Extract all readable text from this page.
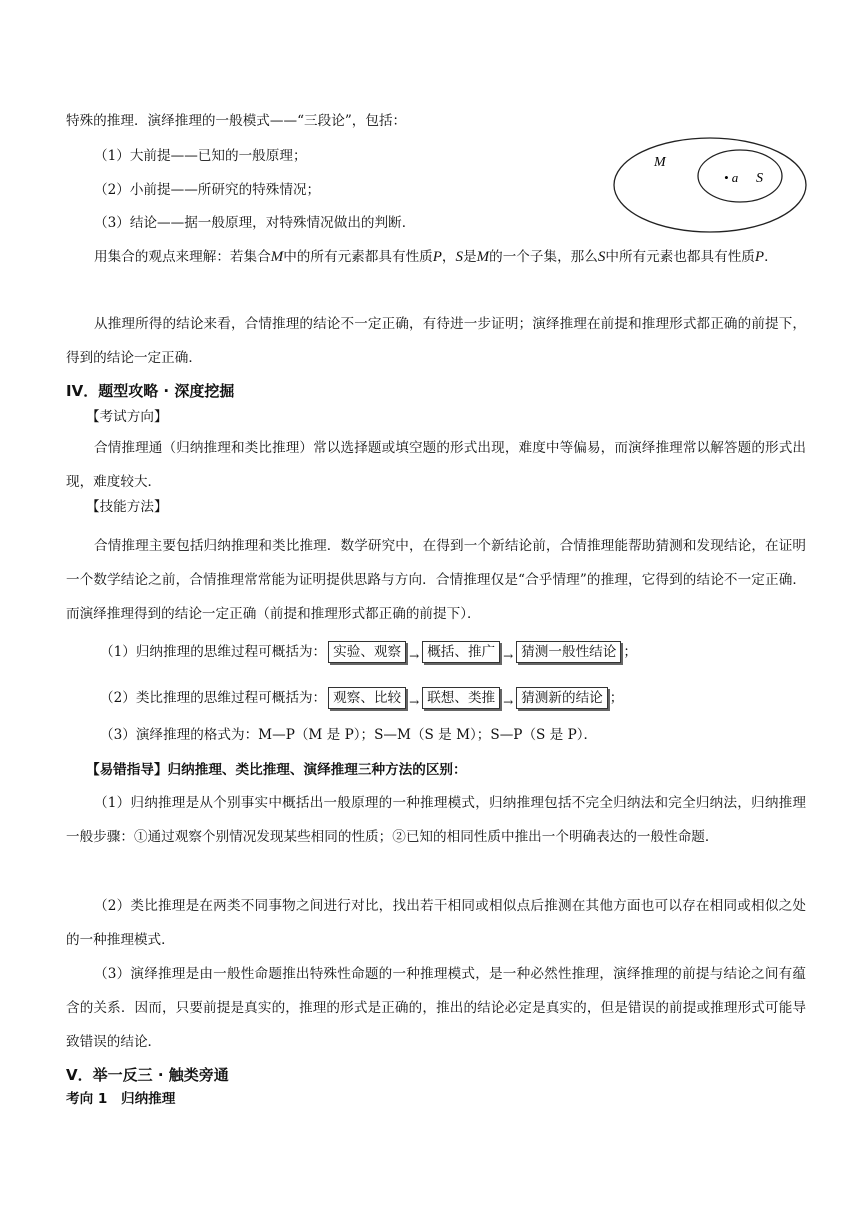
特殊的推理．演绎推理的一般模式——“三段论”，包括：
（1）大前提——已知的一般原理；
（2）小前提——所研究的特殊情况；
（3）结论——据一般原理，对特殊情况做出的判断．
M
• a S
用集合的观点来理解：若集合M中的所有元素都具有性质P，S是M的一个子集，那么S中所有元素也都具有性质P．
从推理所得的结论来看，合情推理的结论不一定正确，有待进一步证明；演绎推理在前提和推理形式都正确的前提下，得到的结论一定正确．
IV．题型攻略 · 深度挖掘
【考试方向】
合情推理通（归纳推理和类比推理）常以选择题或填空题的形式出现，难度中等偏易，而演绎推理常以解答题的形式出现，难度较大．
【技能方法】
合情推理主要包括归纳推理和类比推理．数学研究中，在得到一个新结论前，合情推理能帮助猜测和发现结论，在证明一个数学结论之前，合情推理常常能为证明提供思路与方向．合情推理仅是“合乎情理”的推理，它得到的结论不一定正确．而演绎推理得到的结论一定正确（前提和推理形式都正确的前提下）．
（1）归纳推理的思维过程可概括为： 实验、观察 → 概括、推广 → 猜测一般性结论 ；
（2）类比推理的思维过程可概括为： 观察、比较 → 联想、类推 → 猜测新的结论 ；
（3）演绎推理的格式为：M—P（M 是 P）；S—M（S 是 M）；S—P（S 是 P）．
【易错指导】归纳推理、类比推理、演绎推理三种方法的区别：
（1）归纳推理是从个别事实中概括出一般原理的一种推理模式，归纳推理包括不完全归纳法和完全归纳法，归纳推理一般步骤：①通过观察个别情况发现某些相同的性质；②已知的相同性质中推出一个明确表达的一般性命题．
（2）类比推理是在两类不同事物之间进行对比，找出若干相同或相似点后推测在其他方面也可以存在相同或相似之处的一种推理模式．
（3）演绎推理是由一般性命题推出特殊性命题的一种推理模式，是一种必然性推理，演绎推理的前提与结论之间有蕴含的关系．因而，只要前提是真实的，推理的形式是正确的，推出的结论必定是真实的，但是错误的前提或推理形式可能导致错误的结论．
V．举一反三 · 触类旁通
考向 1　归纳推理
